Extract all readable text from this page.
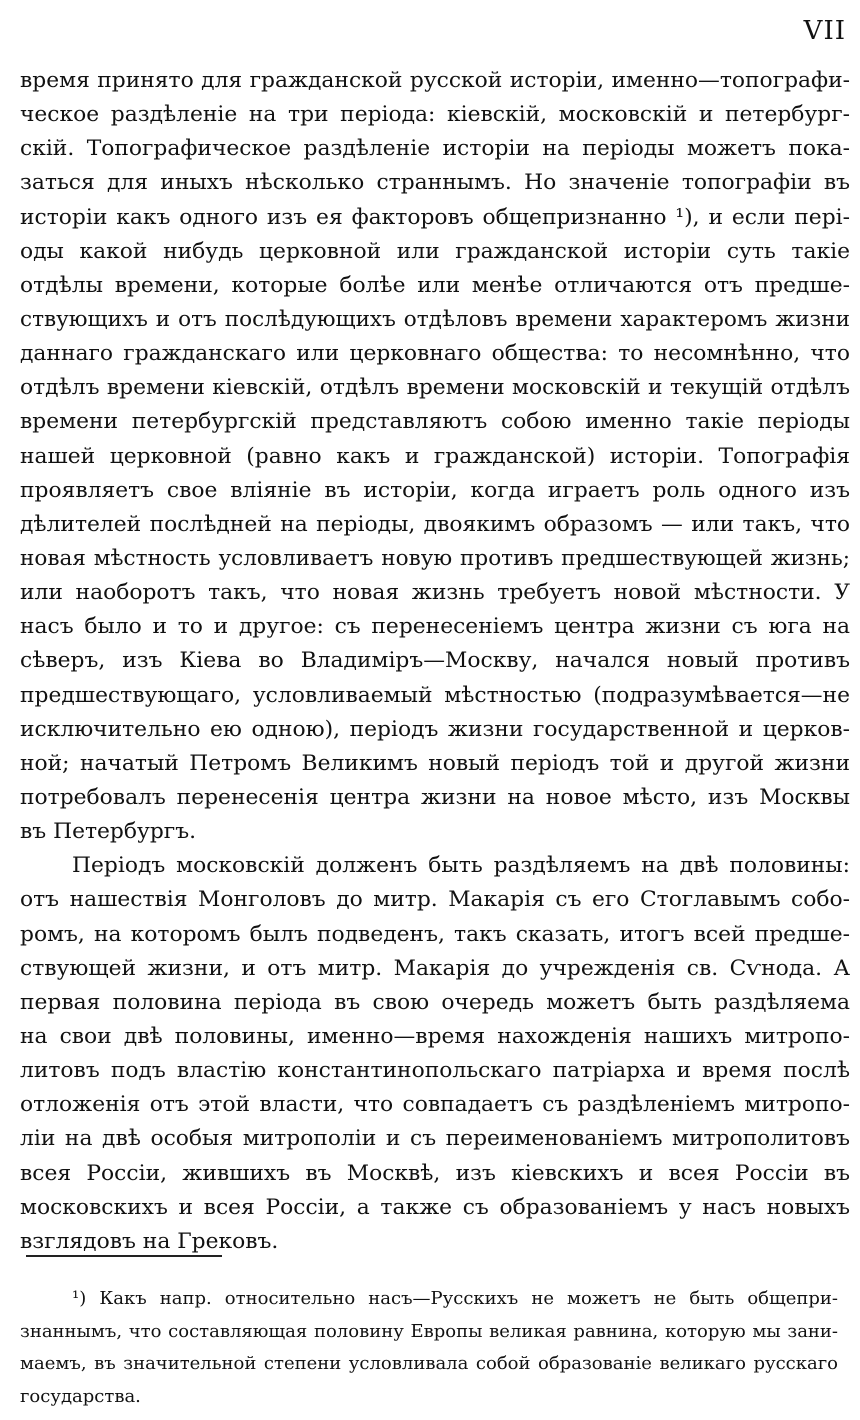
VII
время принято для гражданской русской исторіи, именно—топографи-
ческое раздѣленіе на три періода: кіевскій, московскій и петербург-
скій. Топографическое раздѣленіе исторіи на періоды можетъ пока-
заться для иныхъ нѣсколько страннымъ. Но значеніе топографіи въ
исторіи какъ одного изъ ея факторовъ общепризнанно ¹), и если пері-
оды какой нибудь церковной или гражданской исторіи суть такіе
отдѣлы времени, которые болѣе или менѣе отличаются отъ предше-
ствующихъ и отъ послѣдующихъ отдѣловъ времени характеромъ жизни
даннаго гражданскаго или церковнаго общества: то несомнѣнно, что
отдѣлъ времени кіевскій, отдѣлъ времени московскій и текущій отдѣлъ
времени петербургскій представляютъ собою именно такіе періоды
нашей церковной (равно какъ и гражданской) исторіи. Топографія
проявляетъ свое вліяніе въ исторіи, когда играетъ роль одного изъ
дѣлителей послѣдней на періоды, двоякимъ образомъ — или такъ, что
новая мѣстность условливаетъ новую противъ предшествующей жизнь;
или наоборотъ такъ, что новая жизнь требуетъ новой мѣстности. У
насъ было и то и другое: съ перенесеніемъ центра жизни съ юга на
сѣверъ, изъ Кіева во Владиміръ—Москву, начался новый противъ
предшествующаго, условливаемый мѣстностью (подразумѣвается—не
исключительно ею одною), періодъ жизни государственной и церков-
ной; начатый Петромъ Великимъ новый періодъ той и другой жизни
потребовалъ перенесенія центра жизни на новое мѣсто, изъ Москвы
въ Петербургъ.
Періодъ московскій долженъ быть раздѣляемъ на двѣ половины:
отъ нашествія Монголовъ до митр. Макарія съ его Стоглавымъ собо-
ромъ, на которомъ былъ подведенъ, такъ сказать, итогъ всей предше-
ствующей жизни, и отъ митр. Макарія до учрежденія св. Сѵнода. А
первая половина періода въ свою очередь можетъ быть раздѣляема
на свои двѣ половины, именно—время нахожденія нашихъ митропо-
литовъ подъ властію константинопольскаго патріарха и время послѣ
отложенія отъ этой власти, что совпадаетъ съ раздѣленіемъ митропо-
ліи на двѣ особыя митрополіи и съ переименованіемъ митрополитовъ
всея Россіи, жившихъ въ Москвѣ, изъ кіевскихъ и всея Россіи въ
московскихъ и всея Россіи, а также съ образованіемъ у насъ новыхъ
взглядовъ на Грековъ.
¹) Какъ напр. относительно насъ—Русскихъ не можетъ не быть общепри-
знаннымъ, что составляющая половину Европы великая равнина, которую мы зани-
маемъ, въ значительной степени условливала собой образованіе великаго русскаго
государства.
